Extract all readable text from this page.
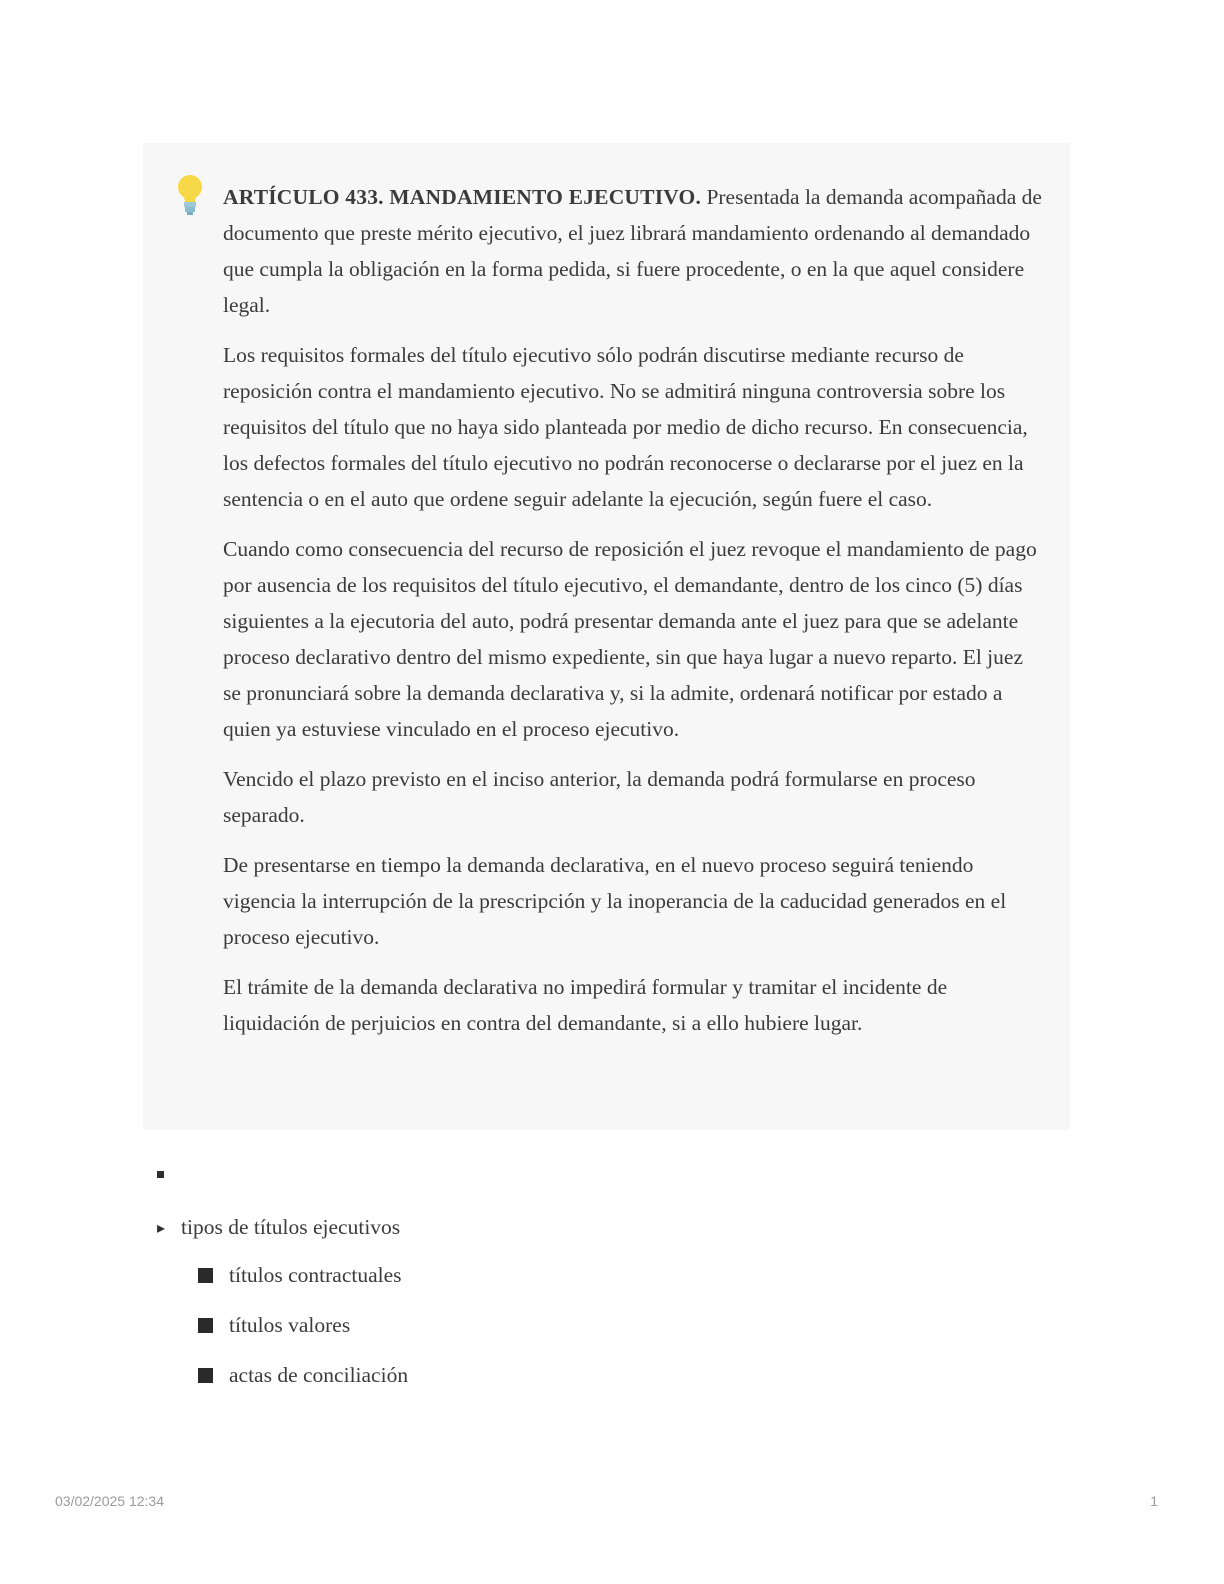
ARTÍCULO 433. MANDAMIENTO EJECUTIVO. Presentada la demanda acompañada de documento que preste mérito ejecutivo, el juez librará mandamiento ordenando al demandado que cumpla la obligación en la forma pedida, si fuere procedente, o en la que aquel considere legal.

Los requisitos formales del título ejecutivo sólo podrán discutirse mediante recurso de reposición contra el mandamiento ejecutivo. No se admitirá ninguna controversia sobre los requisitos del título que no haya sido planteada por medio de dicho recurso. En consecuencia, los defectos formales del título ejecutivo no podrán reconocerse o declararse por el juez en la sentencia o en el auto que ordene seguir adelante la ejecución, según fuere el caso.

Cuando como consecuencia del recurso de reposición el juez revoque el mandamiento de pago por ausencia de los requisitos del título ejecutivo, el demandante, dentro de los cinco (5) días siguientes a la ejecutoria del auto, podrá presentar demanda ante el juez para que se adelante proceso declarativo dentro del mismo expediente, sin que haya lugar a nuevo reparto. El juez se pronunciará sobre la demanda declarativa y, si la admite, ordenará notificar por estado a quien ya estuviese vinculado en el proceso ejecutivo.

Vencido el plazo previsto en el inciso anterior, la demanda podrá formularse en proceso separado.

De presentarse en tiempo la demanda declarativa, en el nuevo proceso seguirá teniendo vigencia la interrupción de la prescripción y la inoperancia de la caducidad generados en el proceso ejecutivo.

El trámite de la demanda declarativa no impedirá formular y tramitar el incidente de liquidación de perjuicios en contra del demandante, si a ello hubiere lugar.

▸ tipos de títulos ejecutivos
títulos contractuales
títulos valores
actas de conciliación
03/02/2025 12:34	1
